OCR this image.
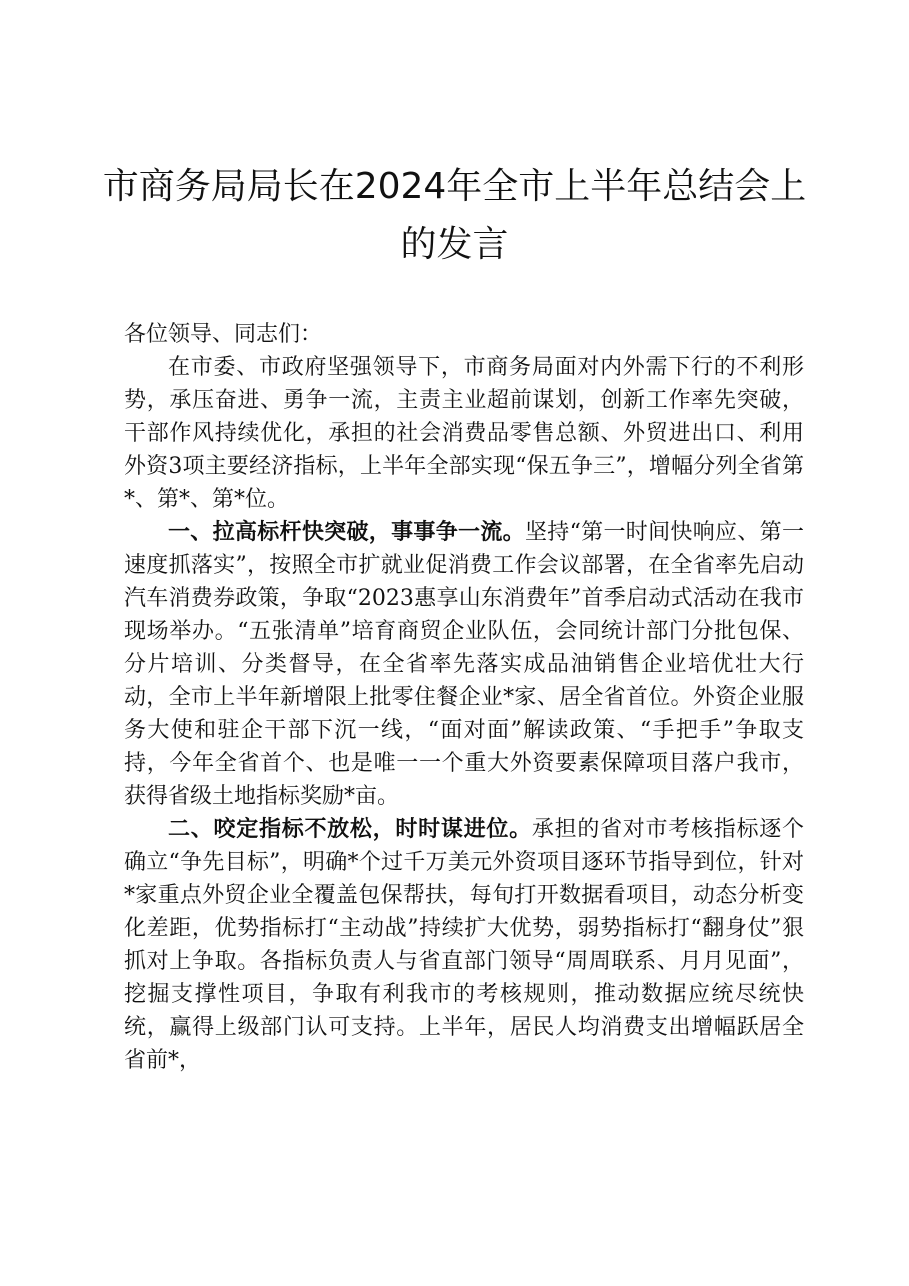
市商务局局长在2024年全市上半年总结会上的发言

各位领导、同志们：

在市委、市政府坚强领导下，市商务局面对内外需下行的不利形势，承压奋进、勇争一流，主责主业超前谋划，创新工作率先突破，干部作风持续优化，承担的社会消费品零售总额、外贸进出口、利用外资3项主要经济指标，上半年全部实现“保五争三”，增幅分列全省第*、第*、第*位。

一、拉高标杆快突破，事事争一流。坚持“第一时间快响应、第一速度抓落实”，按照全市扩就业促消费工作会议部署，在全省率先启动汽车消费券政策，争取“2023惠享山东消费年”首季启动式活动在我市现场举办。“五张清单”培育商贸企业队伍，会同统计部门分批包保、分片培训、分类督导，在全省率先落实成品油销售企业培优壮大行动，全市上半年新增限上批零住餐企业*家、居全省首位。外资企业服务大使和驻企干部下沉一线，“面对面”解读政策、“手把手”争取支持，今年全省首个、也是唯一一个重大外资要素保障项目落户我市，获得省级土地指标奖励*亩。

二、咬定指标不放松，时时谋进位。承担的省对市考核指标逐个确立“争先目标”，明确*个过千万美元外资项目逐环节指导到位，针对*家重点外贸企业全覆盖包保帮扶，每旬打开数据看项目，动态分析变化差距，优势指标打“主动战”持续扩大优势，弱势指标打“翻身仗”狠抓对上争取。各指标负责人与省直部门领导“周周联系、月月见面”，挖掘支撑性项目，争取有利我市的考核规则，推动数据应统尽统快统，赢得上级部门认可支持。上半年，居民人均消费支出增幅跃居全省前*，
